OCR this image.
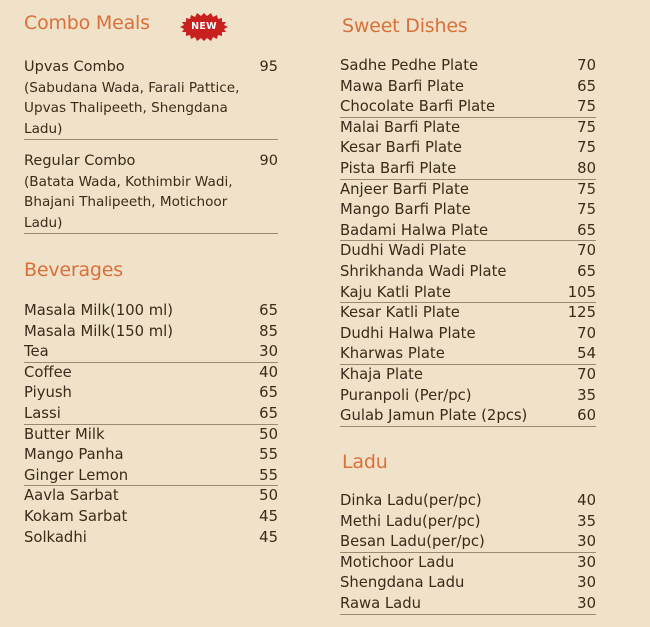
Combo Meals	NEW
Upvas Combo	95
(Sabudana Wada, Farali Pattice, Upvas Thalipeeth, Shengdana Ladu)
Regular Combo	90
(Batata Wada, Kothimbir Wadi, Bhajani Thalipeeth, Motichoor Ladu)
Beverages
Masala Milk(100 ml)	65
Masala Milk(150 ml)	85
Tea	30
Coffee	40
Piyush	65
Lassi	65
Butter Milk	50
Mango Panha	55
Ginger Lemon	55
Aavla Sarbat	50
Kokam Sarbat	45
Solkadhi	45
Sweet Dishes
Sadhe Pedhe Plate	70
Mawa Barfi Plate	65
Chocolate Barfi Plate	75
Malai Barfi Plate	75
Kesar Barfi Plate	75
Pista Barfi Plate	80
Anjeer Barfi Plate	75
Mango Barfi Plate	75
Badami Halwa Plate	65
Dudhi Wadi Plate	70
Shrikhanda Wadi Plate	65
Kaju Katli Plate	105
Kesar Katli Plate	125
Dudhi Halwa Plate	70
Kharwas Plate	54
Khaja Plate	70
Puranpoli (Per/pc)	35
Gulab Jamun Plate (2pcs)	60
Ladu
Dinka Ladu(per/pc)	40
Methi Ladu(per/pc)	35
Besan Ladu(per/pc)	30
Motichoor Ladu	30
Shengdana Ladu	30
Rawa Ladu	30
